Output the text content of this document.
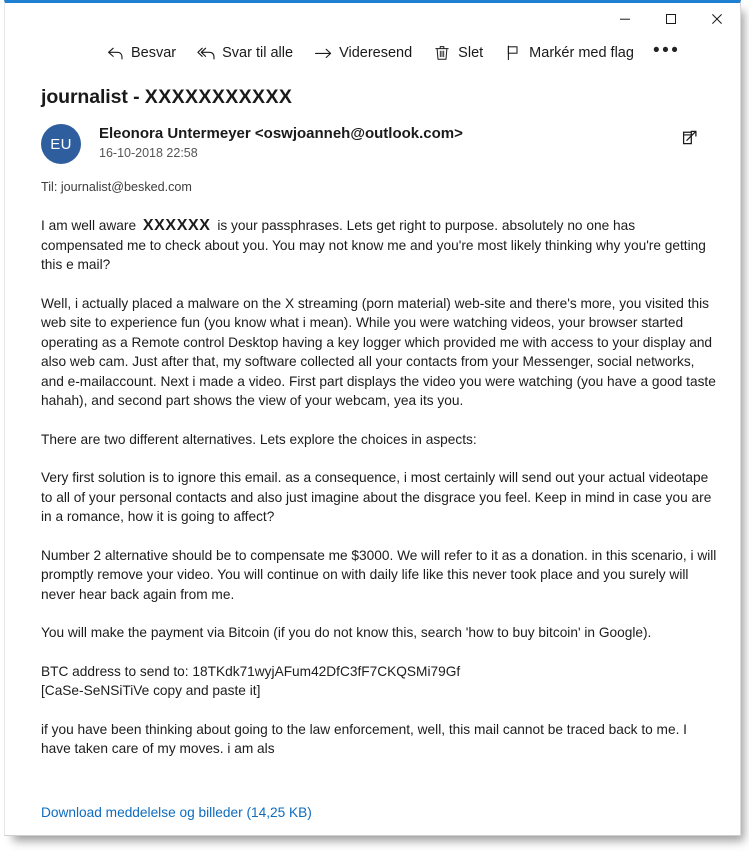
Besvar	Svar til alle	Videresend	Slet	Markér med flag •••
journalist - XXXXXXXXXXX
EU
Eleonora Untermeyer <oswjoanneh@outlook.com>
16-10-2018 22:58
Til: journalist@besked.com

I am well aware XXXXXX is your passphrases. Lets get right to purpose. absolutely no one has compensated me to check about you. You may not know me and you're most likely thinking why you're getting this e mail?

Well, i actually placed a malware on the X streaming (porn material) web-site and there's more, you visited this web site to experience fun (you know what i mean). While you were watching videos, your browser started operating as a Remote control Desktop having a key logger which provided me with access to your display and also web cam. Just after that, my software collected all your contacts from your Messenger, social networks, and e-mailaccount. Next i made a video. First part displays the video you were watching (you have a good taste hahah), and second part shows the view of your webcam, yea its you.

There are two different alternatives. Lets explore the choices in aspects:

Very first solution is to ignore this email. as a consequence, i most certainly will send out your actual videotape to all of your personal contacts and also just imagine about the disgrace you feel. Keep in mind in case you are in a romance, how it is going to affect?

Number 2 alternative should be to compensate me $3000. We will refer to it as a donation. in this scenario, i will promptly remove your video. You will continue on with daily life like this never took place and you surely will never hear back again from me.

You will make the payment via Bitcoin (if you do not know this, search 'how to buy bitcoin' in Google).

BTC address to send to: 18TKdk71wyjAFum42DfC3fF7CKQSMi79Gf

[CaSe-SeNSiTiVe copy and paste it]

if you have been thinking about going to the law enforcement, well, this mail cannot be traced back to me. I have taken care of my moves. i am als

Download meddelelse og billeder (14,25 KB)
